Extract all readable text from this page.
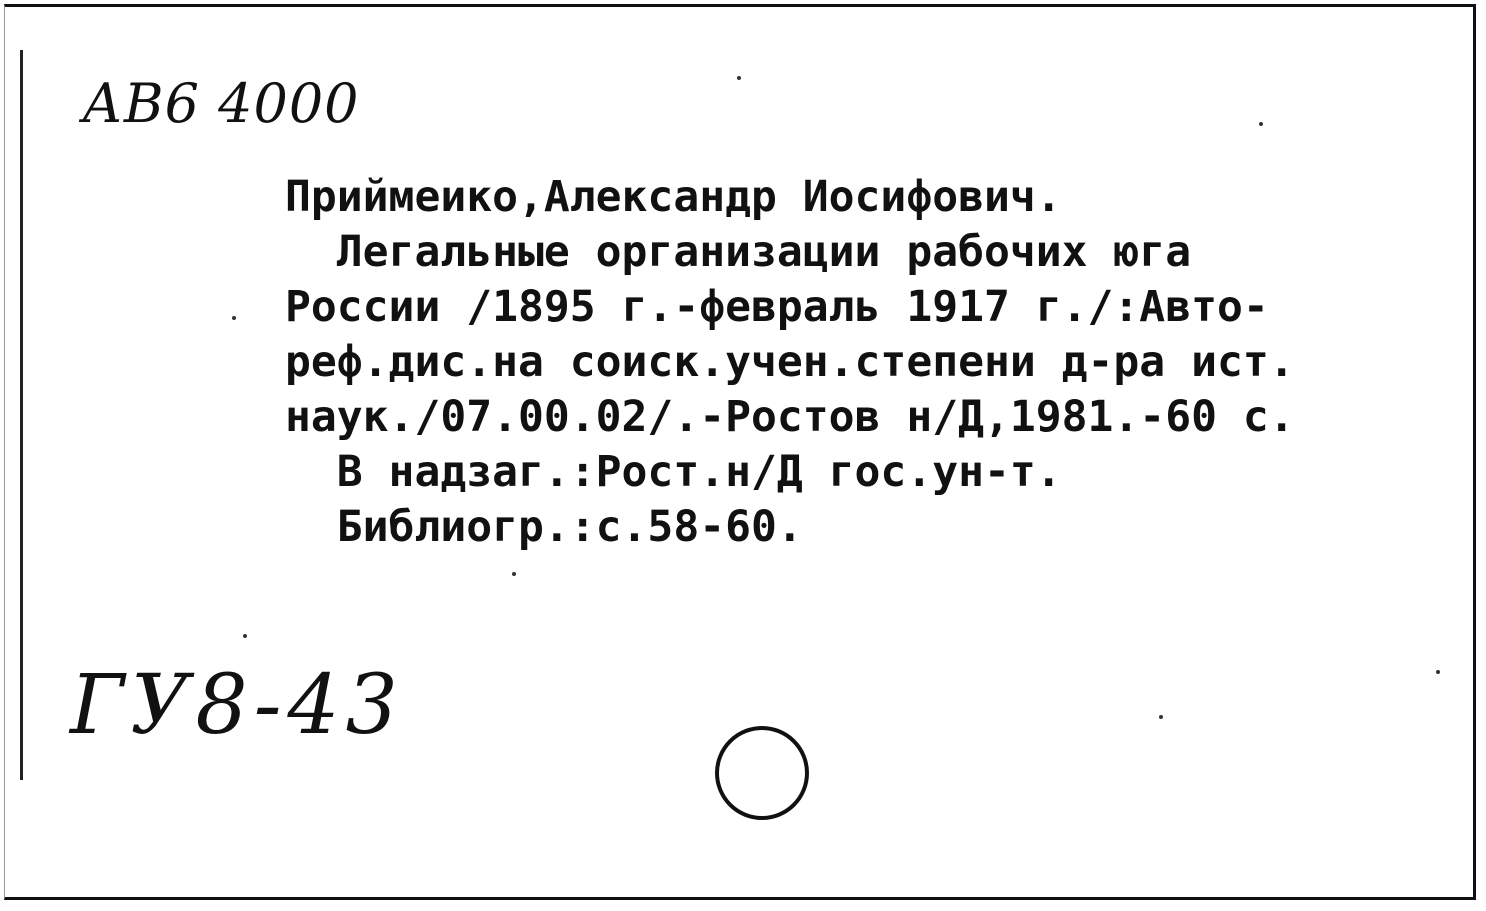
АВ6 4000
Приймеико,Александр Иосифович.
Легальные организации рабочих юга
России /1895 г.-февраль 1917 г./:Авто-
реф.дис.на соиск.учен.степени д-ра ист.
наук./07.00.02/.-Ростов н/Д,1981.-60 с.
В надзаг.:Рост.н/Д гос.ун-т.
Библиогр.:с.58-60.
ГУ8-43
